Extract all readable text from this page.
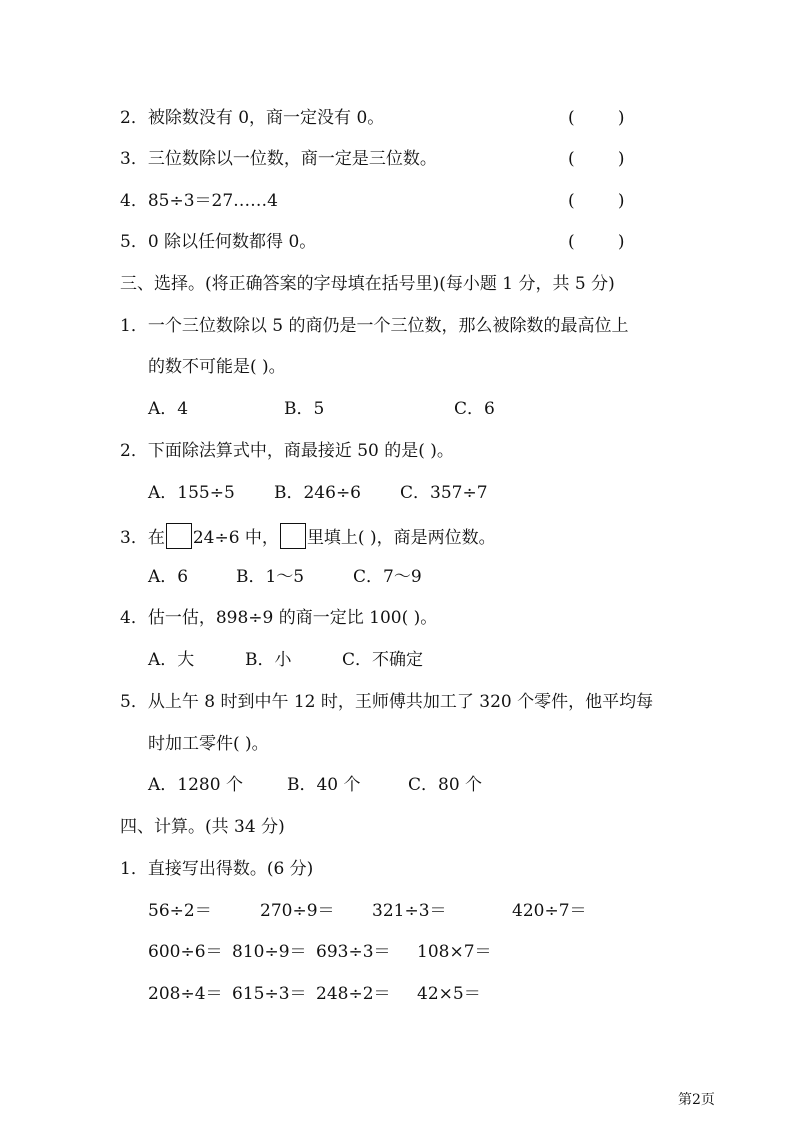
2．被除数没有 0，商一定没有 0。	(        )
3．三位数除以一位数，商一定是三位数。	(        )
4．85÷3＝27……4	(        )
5．0 除以任何数都得 0。	(        )
三、选择。(将正确答案的字母填在括号里)(每小题 1 分，共 5 分)
1．一个三位数除以 5 的商仍是一个三位数，那么被除数的最高位上
的数不可能是( )。
A．4	B．5	C．6
2．下面除法算式中，商最接近 50 的是( )。
A．155÷5 B．246÷6 C．357÷7
3．在 24÷6 中， 里填上( )，商是两位数。
A．6	B．1～5	C．7～9
4．估一估，898÷9 的商一定比 100( )。
A．大	B．小	C．不确定
5．从上午 8 时到中午 12 时，王师傅共加工了 320 个零件，他平均每
时加工零件( )。
A．1280 个	B．40 个	C．80 个
四、计算。(共 34 分)
1．直接写出得数。(6 分)
56÷2＝	270÷9＝ 321÷3＝	420÷7＝
600÷6＝ 810÷9＝ 693÷3＝ 108×7＝
208÷4＝ 615÷3＝ 248÷2＝ 42×5＝
第2页
